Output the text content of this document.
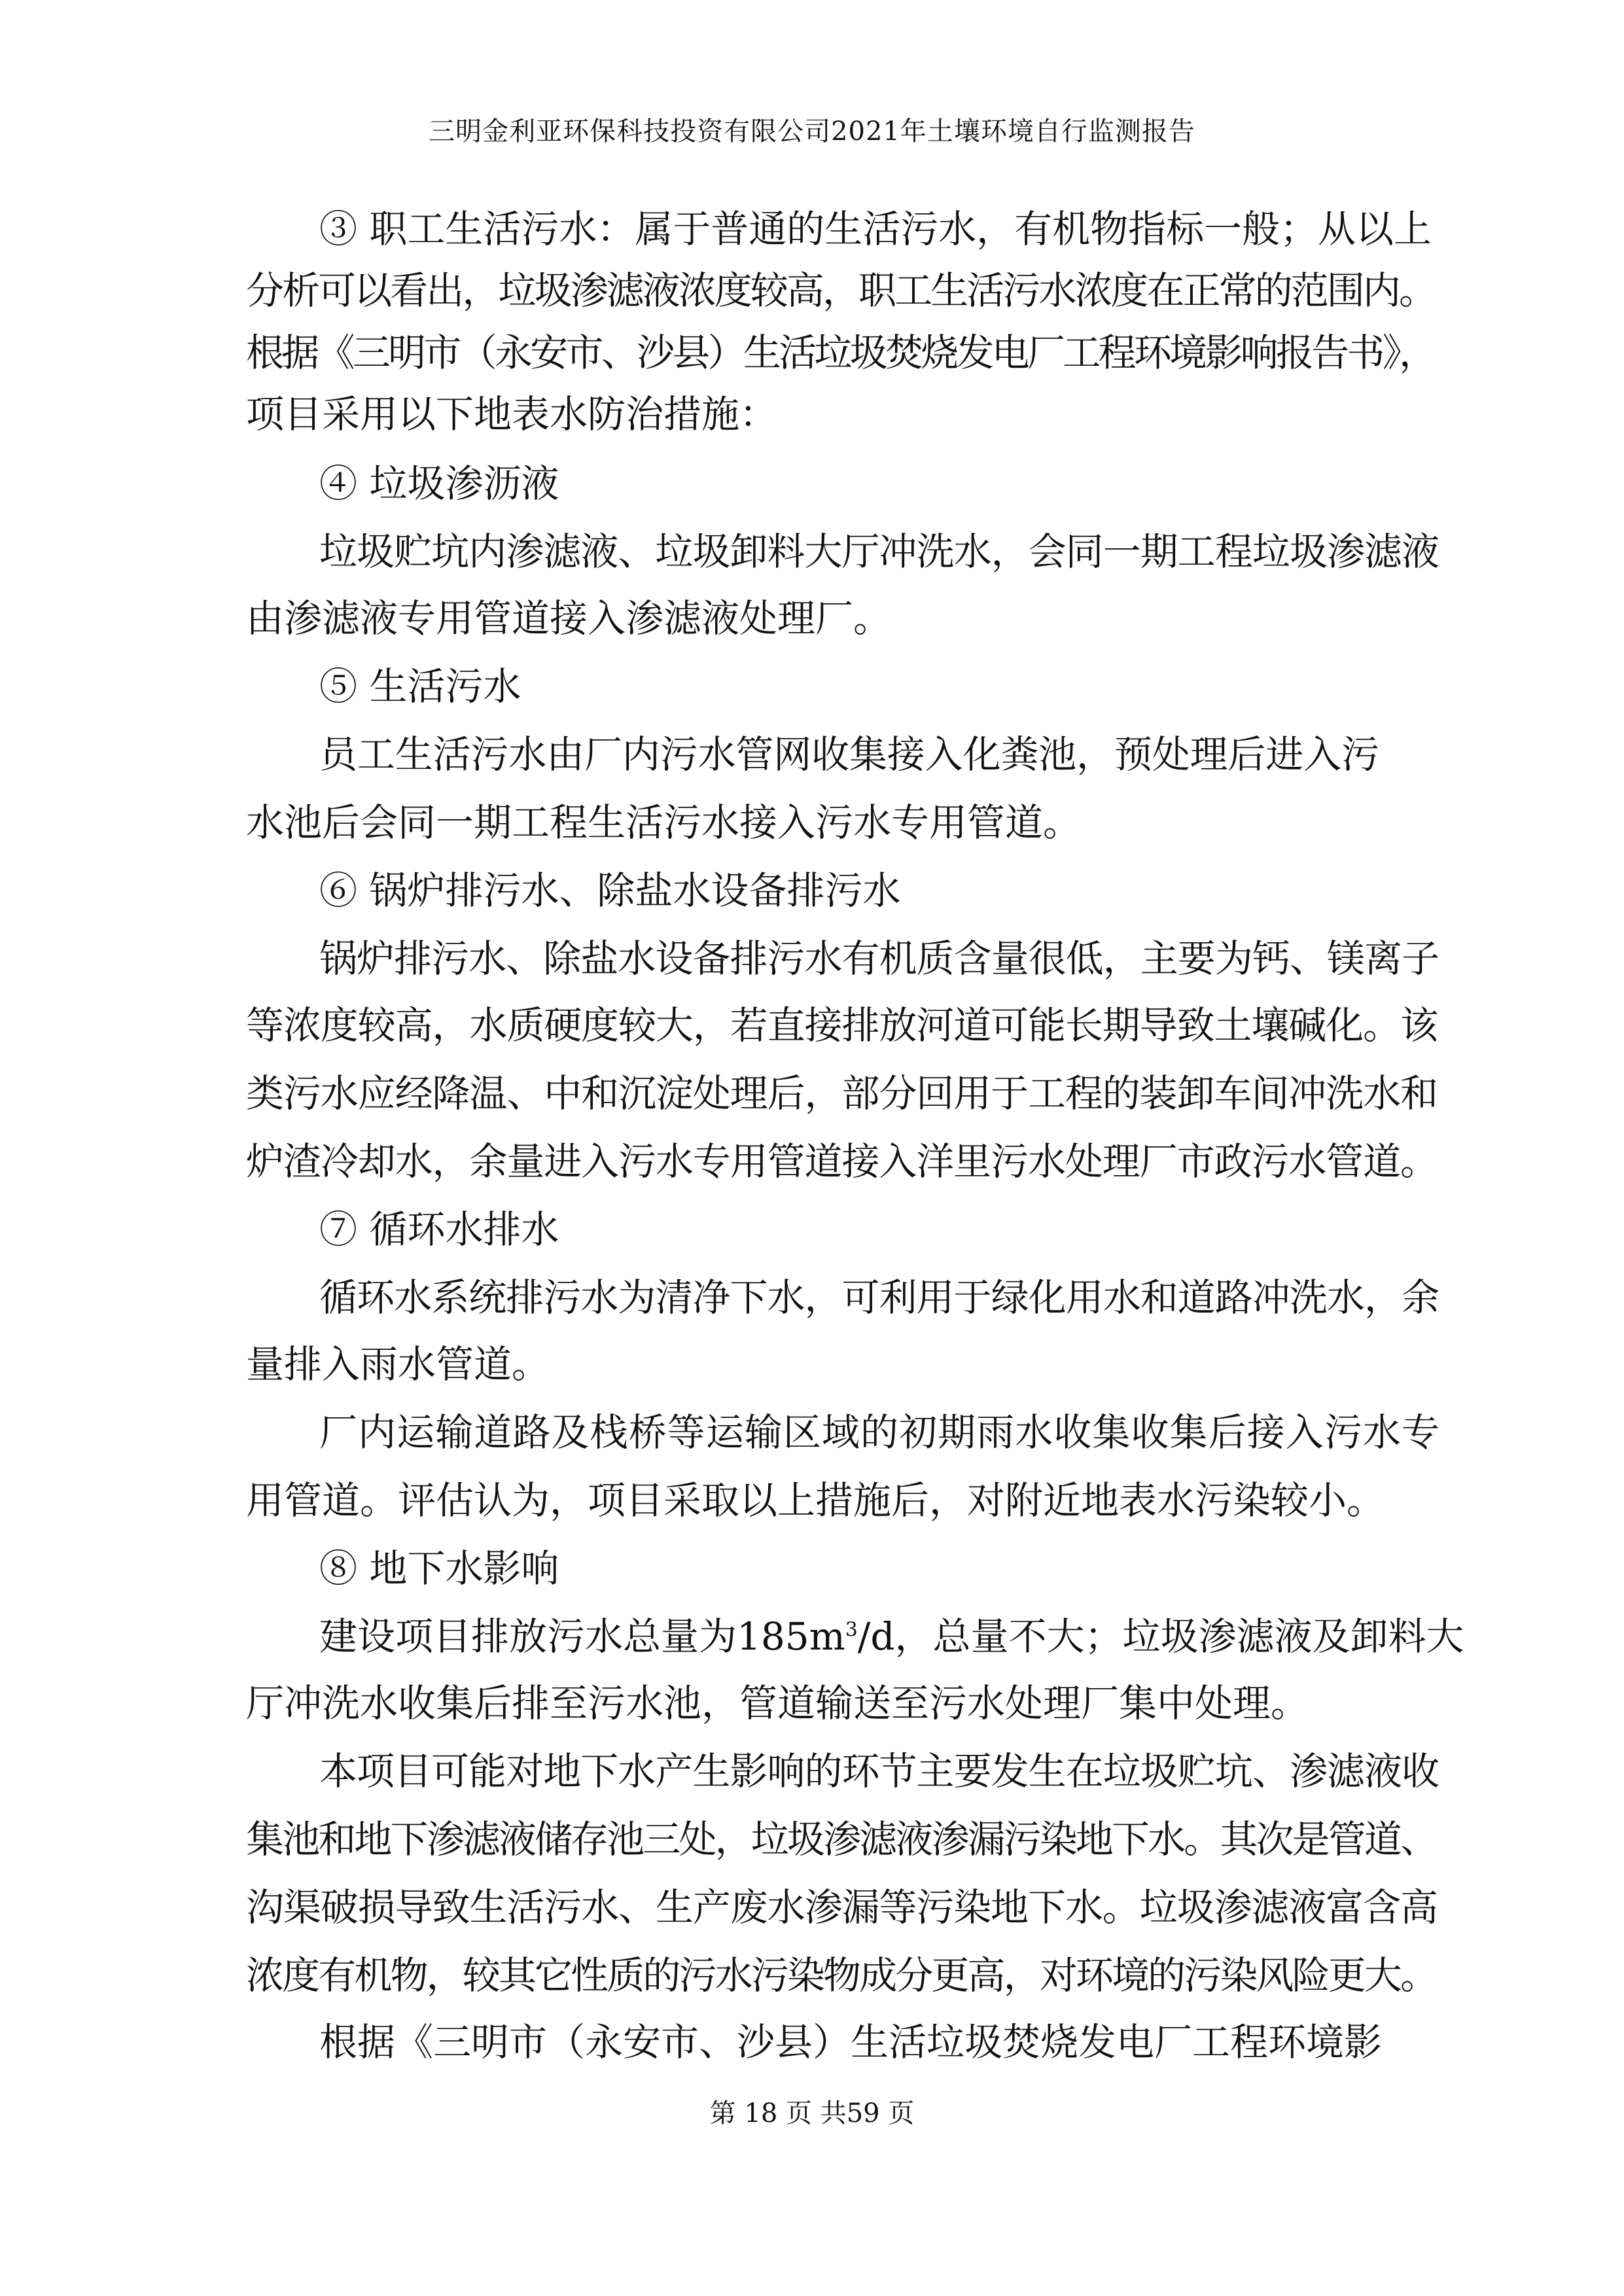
三明金利亚环保科技投资有限公司2021年土壤环境自行监测报告
③ 职工生活污水：属于普通的生活污水，有机物指标一般；从以上
分析可以看出，垃圾渗滤液浓度较高，职工生活污水浓度在正常的范围内。
根据《三明市（永安市、沙县）生活垃圾焚烧发电厂工程环境影响报告书》，
项目采用以下地表水防治措施：
④ 垃圾渗沥液
垃圾贮坑内渗滤液、垃圾卸料大厅冲洗水，会同一期工程垃圾渗滤液
由渗滤液专用管道接入渗滤液处理厂。
⑤ 生活污水
员工生活污水由厂内污水管网收集接入化粪池，预处理后进入污
水池后会同一期工程生活污水接入污水专用管道。
⑥ 锅炉排污水、除盐水设备排污水
锅炉排污水、除盐水设备排污水有机质含量很低，主要为钙、镁离子
等浓度较高，水质硬度较大，若直接排放河道可能长期导致土壤碱化。该
类污水应经降温、中和沉淀处理后，部分回用于工程的装卸车间冲洗水和
炉渣冷却水，余量进入污水专用管道接入洋里污水处理厂市政污水管道。
⑦ 循环水排水
循环水系统排污水为清净下水，可利用于绿化用水和道路冲洗水，余
量排入雨水管道。
厂内运输道路及栈桥等运输区域的初期雨水收集收集后接入污水专
用管道。评估认为，项目采取以上措施后，对附近地表水污染较小。
⑧ 地下水影响
建设项目排放污水总量为$185m^3/d$，总量不大；垃圾渗滤液及卸料大
厅冲洗水收集后排至污水池，管道输送至污水处理厂集中处理。
本项目可能对地下水产生影响的环节主要发生在垃圾贮坑、渗滤液收
集池和地下渗滤液储存池三处，垃圾渗滤液渗漏污染地下水。其次是管道、
沟渠破损导致生活污水、生产废水渗漏等污染地下水。垃圾渗滤液富含高
浓度有机物，较其它性质的污水污染物成分更高，对环境的污染风险更大。
根据《三明市（永安市、沙县）生活垃圾焚烧发电厂工程环境影
第 18 页 共59 页
